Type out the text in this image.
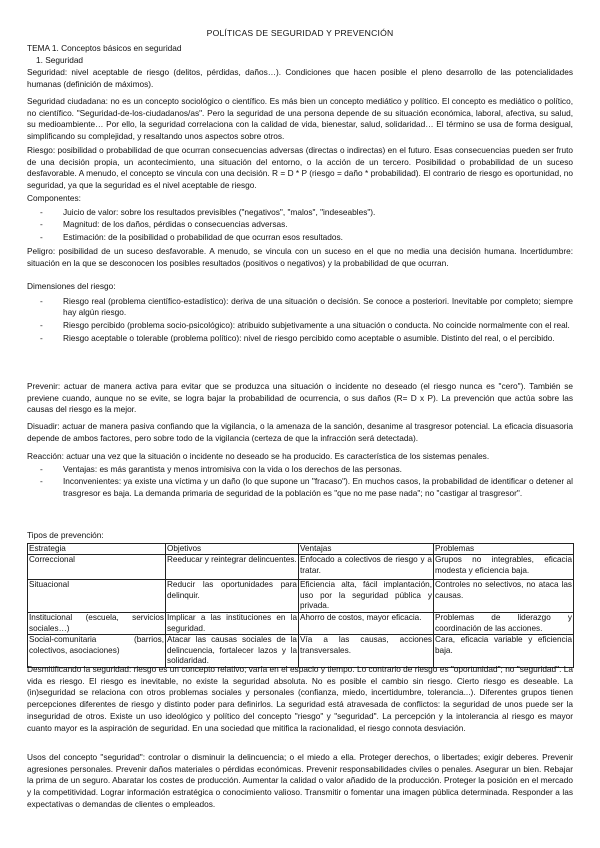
POLÍTICAS DE SEGURIDAD Y PREVENCIÓN
TEMA 1. Conceptos básicos en seguridad
1. Seguridad
Seguridad: nivel aceptable de riesgo (delitos, pérdidas, daños…). Condiciones que hacen posible el pleno desarrollo de las potencialidades humanas (definición de máximos).
Seguridad ciudadana: no es un concepto sociológico o científico. Es más bien un concepto mediático y político. El concepto es mediático o político, no científico. "Seguridad-de-los-ciudadanos/as". Pero la seguridad de una persona depende de su situación económica, laboral, afectiva, su salud, su medioambiente… Por ello, la seguridad correlaciona con la calidad de vida, bienestar, salud, solidaridad… El término se usa de forma desigual, simplificando su complejidad, y resaltando unos aspectos sobre otros.
Riesgo: posibilidad o probabilidad de que ocurran consecuencias adversas (directas o indirectas) en el futuro. Esas consecuencias pueden ser fruto de una decisión propia, un acontecimiento, una situación del entorno, o la acción de un tercero. Posibilidad o probabilidad de un suceso desfavorable. A menudo, el concepto se vincula con una decisión. R = D * P (riesgo = daño * probabilidad). El contrario de riesgo es oportunidad, no seguridad, ya que la seguridad es el nivel aceptable de riesgo.
Componentes:
- Juicio de valor: sobre los resultados previsibles ("negativos", "malos", "indeseables").
- Magnitud: de los daños, pérdidas o consecuencias adversas.
- Estimación: de la posibilidad o probabilidad de que ocurran esos resultados.
Peligro: posibilidad de un suceso desfavorable. A menudo, se vincula con un suceso en el que no media una decisión humana. Incertidumbre: situación en la que se desconocen los posibles resultados (positivos o negativos) y la probabilidad de que ocurran.
Dimensiones del riesgo:
- Riesgo real (problema científico-estadístico): deriva de una situación o decisión. Se conoce a posteriori. Inevitable por completo; siempre hay algún riesgo.
- Riesgo percibido (problema socio-psicológico): atribuido subjetivamente a una situación o conducta. No coincide normalmente con el real.
- Riesgo aceptable o tolerable (problema político): nivel de riesgo percibido como aceptable o asumible. Distinto del real, o el percibido.
Prevenir: actuar de manera activa para evitar que se produzca una situación o incidente no deseado (el riesgo nunca es "cero"). También se previene cuando, aunque no se evite, se logra bajar la probabilidad de ocurrencia, o sus daños (R= D x P). La prevención que actúa sobre las causas del riesgo es la mejor.
Disuadir: actuar de manera pasiva confiando que la vigilancia, o la amenaza de la sanción, desanime al trasgresor potencial. La eficacia disuasoria depende de ambos factores, pero sobre todo de la vigilancia (certeza de que la infracción será detectada).
Reacción: actuar una vez que la situación o incidente no deseado se ha producido. Es característica de los sistemas penales.
- Ventajas: es más garantista y menos intromisiva con la vida o los derechos de las personas.
- Inconvenientes: ya existe una víctima y un daño (lo que supone un "fracaso"). En muchos casos, la probabilidad de identificar o detener al trasgresor es baja. La demanda primaria de seguridad de la población es "que no me pase nada"; no "castigar al trasgresor".
Tipos de prevención:
Estrategia	Objetivos	Ventajas	Problemas
Correccional	Reeducar y reintegrar delincuentes.	Enfocado a colectivos de riesgo y a tratar.	Grupos no integrables, eficacia modesta y eficiencia baja.
Situacional	Reducir las oportunidades para delinquir.	Eficiencia alta, fácil implantación, uso por la seguridad pública y privada.	Controles no selectivos, no ataca las causas.
Institucional (escuela, servicios sociales…)	Implicar a las instituciones en la seguridad.	Ahorro de costos, mayor eficacia.	Problemas de liderazgo y coordinación de las acciones.
Social-comunitaria (barrios, colectivos, asociaciones)	Atacar las causas sociales de la delincuencia, fortalecer lazos y la solidaridad.	Vía a las causas, acciones transversales.	Cara, eficacia variable y eficiencia baja.
Desmitificando la seguridad: riesgo es un concepto relativo; varía en el espacio y tiempo. Lo contrario de riesgo es "oportunidad"; no "seguridad". La vida es riesgo. El riesgo es inevitable, no existe la seguridad absoluta. No es posible el cambio sin riesgo. Cierto riesgo es deseable. La (in)seguridad se relaciona con otros problemas sociales y personales (confianza, miedo, incertidumbre, tolerancia...). Diferentes grupos tienen percepciones diferentes de riesgo y distinto poder para definirlos. La seguridad está atravesada de conflictos: la seguridad de unos puede ser la inseguridad de otros. Existe un uso ideológico y político del concepto "riesgo" y "seguridad". La percepción y la intolerancia al riesgo es mayor cuanto mayor es la aspiración de seguridad. En una sociedad que mitifica la racionalidad, el riesgo connota desviación.
Usos del concepto "seguridad": controlar o disminuir la delincuencia; o el miedo a ella. Proteger derechos, o libertades; exigir deberes. Prevenir agresiones personales. Prevenir daños materiales o pérdidas económicas. Prevenir responsabilidades civiles o penales. Asegurar un bien. Rebajar la prima de un seguro. Abaratar los costes de producción. Aumentar la calidad o valor añadido de la producción. Proteger la posición en el mercado y la competitividad. Lograr información estratégica o conocimiento valioso. Transmitir o fomentar una imagen pública determinada. Responder a las expectativas o demandas de clientes o empleados.
